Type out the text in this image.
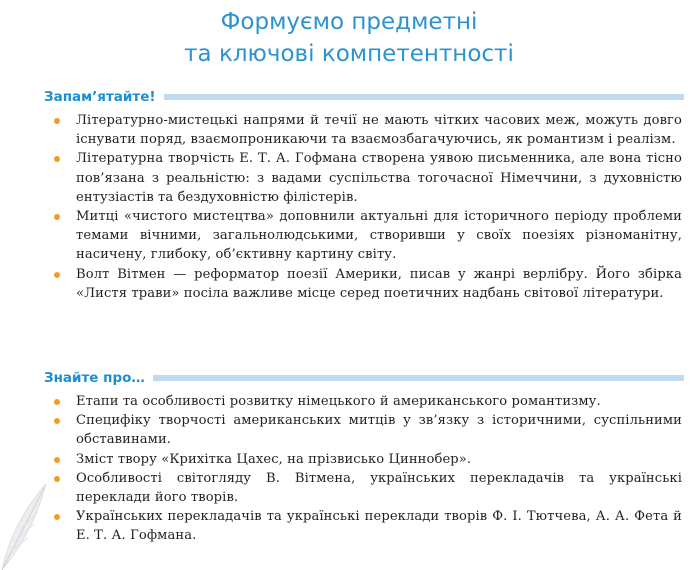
Формуємо предметні
та ключові компетентності
Запам’ятайте!
Літературно-мистецькі напрями й течії не мають чітких часових меж, можуть довго існувати поряд, взаємопроникаючи та взаємозбагачуючись, як романтизм і реалізм.
Літературна творчість Е. Т. А. Гофмана створена уявою письменника, але вона тісно пов’язана з реальністю: з вадами суспільства тогочасної Німеччини, з духовністю ентузіастів та бездуховністю філістерів.
Митці «чистого мистецтва» доповнили актуальні для історичного періоду проблеми темами вічними, загальнолюдськими, створивши у своїх поезіях різноманітну, насичену, глибоку, об’єктивну картину світу.
Волт Вітмен — реформатор поезії Америки, писав у жанрі верлібру. Його збірка «Листя трави» посіла важливе місце серед поетичних надбань світової літератури.
Знайте про…
Етапи та особливості розвитку німецького й американського романтизму.
Специфіку творчості американських митців у зв’язку з історичними, суспільними обставинами.
Зміст твору «Крихітка Цахес, на прізвисько Циннобер».
Особливості світогляду В. Вітмена, українських перекладачів та українські переклади його творів.
Українських перекладачів та українські переклади творів Ф. І. Тютчева, А. А. Фета й Е. Т. А. Гофмана.
